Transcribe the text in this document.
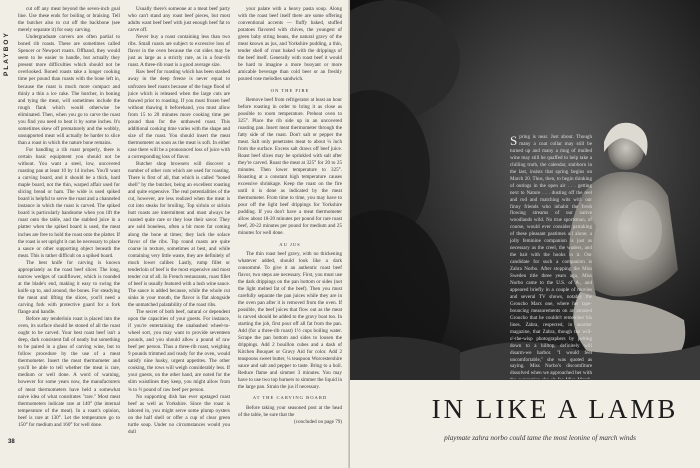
PLAYBOY

cut off any meat beyond the seven-inch goal line. Use these ends for boiling or braising. Tell the butcher also to cut off the backbone (see merely separate it) for easy carving.

Undergraduate carvers are often partial to boned rib roasts. These are sometimes called Spencer or Newport roasts. Offhand, they would seem to be easier to handle, but actually they present more difficulties which should not be overlooked. Boned roasts take a longer cooking time per pound than roasts with the bone left in, because the roast is much more compact and thinly a thin a ice cake. The butcher, in boning and tying the meat, will sometimes include the rough flank which would otherwise be eliminated. Then, when you go to carve the roast you find you need to beat it by some inches. It's sometimes skew off prematurely and the wobbly, unsupported meat will actually be harder to slice than a roast in which the nature bone remains.

For handling a rib roast properly, there is certain basic equipment you should not be without. You want a steel, low, uncovered roasting pan at least 10 by 14 inches. You'll want a carving board, and it should be a thick, hard maple board, not the thin, warped affair used for slicing bread or ham. The wide is used spiked board is helpful to serve the roast and a channeled instance in which the roast is carved. The spiked board is particularly handsome when you lift the roast onto the table, and the stabbed juice in a platter when the spiked board is used, the meat inches are free to hold the roast onto the platter. If the roast is set upright it can be necessary to place a sauce or other supporting object beneath the meat. This is rather difficult on a spiked board.

The best knife for carving is known appropriately as the roast beef slicer. The long, narrow wedges of cauliflower, which is rounded at the blade's end, making it easy to swing the knife up to, and around, the bones. For steadying the meat and lifting the slices, you'll need a carving fork with protective guard for a fork flange and handle.

Before any tenderloin roast is placed into the oven, its surface should be stoned of all the roast ought to be carved. Your best roast beef isn't a deep, dark consistent fall of neatly but something to be paired in a glass of carving wine, but to follow procedure by the use of a meat thermometer. Insert the meat thermometer and you'll be able to tell whether the meat is rare, medium or well done. A word of warning, however for some years now, the manufacturers of meat thermometers have held a somewhat naive idea of what constitutes "rare." Most meat thermometers indicate rare at 140° (the internal temperature of the meat). In a roast's opinion, beef is rare at 130°. Let the temperature go to 150° for medium and 160° for well done.

Usually there's someone at a meat beef party who can't stand any roast beef pieces, but most adults want beef beef with just enough beef fat to carve off.

Never buy a roast containing less than two ribs. Small roasts are subject to excessive loss of flavor in the oven because the cut sides may be just as large as a strictly rare, as in a four-rib roast. A three-rib roast is a good average size.

Raw beef for roasting which has been stashed away in the deep freeze is never equal to unfrozen beef roasts because of the huge flood of juice which is released when the large cuts are thawed prior to roasting. If you must frozen beef without thawing it beforehand, you must allow from 15 to 20 minutes more cooking time per pound than for the unthawed roast. This additional cooking time varies with the shape and size of the roast. You should insert the meat thermometer as soon as the meat is soft. In either case there will be a pronounced loss of juice with a corresponding loss of flavor.

Butcher shop browsers will discover a number of other cuts which are used for roasting. There is first of all, that which is called "boned shell" by the butcher, being an excellent roasting and quite expensive. The real potentialities of the cut, however, are less realized when the meat is cut into steaks for broiling. Top sirloin or sirloin butt roasts are intermittent and must always be roasted quite rare or they lose their savor. They are sold boneless, often a bit more fat coming along the bone at times; they lack the solace flavor of the ribs. Top round roasts are quite coarse in texture, sometimes at best, and while containing very little waste, they are definitely of much lower caliber. Lastly, rump fillet or tenderloin of beef is the most expensive and most tender cut of all. In French restaurants, roast fillet of beef is usually featured with a lush wine sauce. The sauce is added because, while the whole cut sinks in your mouth, the flavor is flat alongside the unmatched palatability of the roast ribs.

The secret of both beef, natural or dependent upon the capacities of your guests. For instance, if you're entertaining the unabashed wheel-to-wheel sort, you may want to provide seventeen pounds, and you should allow a pound of raw beef per person. Thus a three-rib roast, weighing 9 pounds trimmed and ready for the oven, would satisfy nine husky, urgent appetites. The other cooking, the rows will weigh considerably less. If your guests, on the other hand, are noted for the slim waistlines they keep, you might allow from ¾ to ½ pound of raw beef per person.

No supporting dish has ever upstaged roast beef as well as Yorkshire. Since the roast is labored in, you might serve some plump oysters on the half shell or offer a cup of clear green turtle soup. Under no circumstances would you dull

your palate with a heavy pasta soup. Along with the roast beef itself there are some offering conventional accents — fluffy baked, stuffed potatoes flavored with chives, the youngest of green baby string beans, the natural gravy of the meat known as jus, and Yorkshire pudding, a thin, tender shell of crust baked with the drippings of the beef itself. Generally with roast beef it would be hard to imagine a more buoyant or more amicable beverage than cold beer or an freshly poured rose melodies sandwich.

ON THE FIRE

Remove beef from refrigerator at least an hour before roasting in order to bring it as close as possible to room temperature. Preheat oven to 325°. Place the rib side up in an uncovered roasting pan. Insert meat thermometer through the fatty side of the roast. Don't salt or pepper the meat. Salt only penetrates meat to about ¼ inch from the surface. Excess salt draws off beef juice. Roast beef slices may be sprinkled with salt after they're carved. Roast the meat at 325° for 20 to 25 minutes. Then lower temperature to 325°. Roasting at a constant high temperature causes excessive shrinkage. Keep the roast on the fire until it is done as indicated by the meat thermometer. From time to time, you may have to pour off the light beef drippings for Yorkshire pudding. If you don't have a meat thermometer allow about 18-20 minutes per pound for rare roast beef, 20-22 minutes per pound for medium and 25 minutes for well done.

AU JUS

The thin roast beef gravy, with no thickening whatever added, should look like a dark consommé. To give it an authentic roast beef flavor, two steps are necessary. First, you must use the dark drippings on the pan bottom or sides (not the light melted fat of the beef). Then you must carefully separate the pan juices while they are in the oven pan after it is removed from the oven. If possible, the beef juices that flow out as the meat is carved should be added to the gravy boat too. In starting the job, first pour off all fat from the pan. Add (for a three-rib roast) 1½ cups boiling water. Scrape the pan bottom and sides to loosen the drippings. Add 2 bouillon cubes and a dash of Kitchen Bouquet or Gravy Aid for color. Add 2 teaspoons sweet butter, ¼ teaspoon Worcestershire sauce and salt and pepper to taste. Bring to a boil. Reduce flame and simmer 3 minutes. You may have to use two top burners to simmer the liquid in the large pan. Strain the jus if necessary.

AT THE CARVING BOARD

Before taking your seasoned post at the head of the table, be sure that the

(concluded on page 79)

38

Spring is near. Just about. Though many a coat collar may still be turned up and many a mug of mulled wine may still be quaffed to help take a chilling truth, the calendar, stubborn in the last, insists that spring begins on March 20. Thus, then, to begin thinking of outings in the open air . . . getting next to Nature . . . dusting off the reel and rod and matching wits with our finny friends who inhabit the fresh flowing streams of our native woodlands wild. No true sportsman, of course, would ever consider partaking of these pleasant pastimes all alone; a jolly feminine companion is just as necessary as the creel, the waders, and the bait with the hooks in it. Our candidate for such a companion is Zahra Norbo. After stopping the Miss Sweden title three years ago, Miss Norbo came to the U.S. of A., and appeared briefly in a couple of movies and several TV shows, notably the Groucho Marx one, where her tape-bouncing measurements on an amused Groucho that he couldn't remember his lines. Zahra, respected, in another magazine, that Zahra, though the will-o'-the-wisp photographers by pelting down to a hilltop, definitely will disarm-we harbor. "I would feel uncomfortable," she was quoted as saying. Miss Norbo's discomfiture dissolved when we approached her with

IN LIKE A LAMB
playmate zahra norbo could tame the most leonine of march winds
